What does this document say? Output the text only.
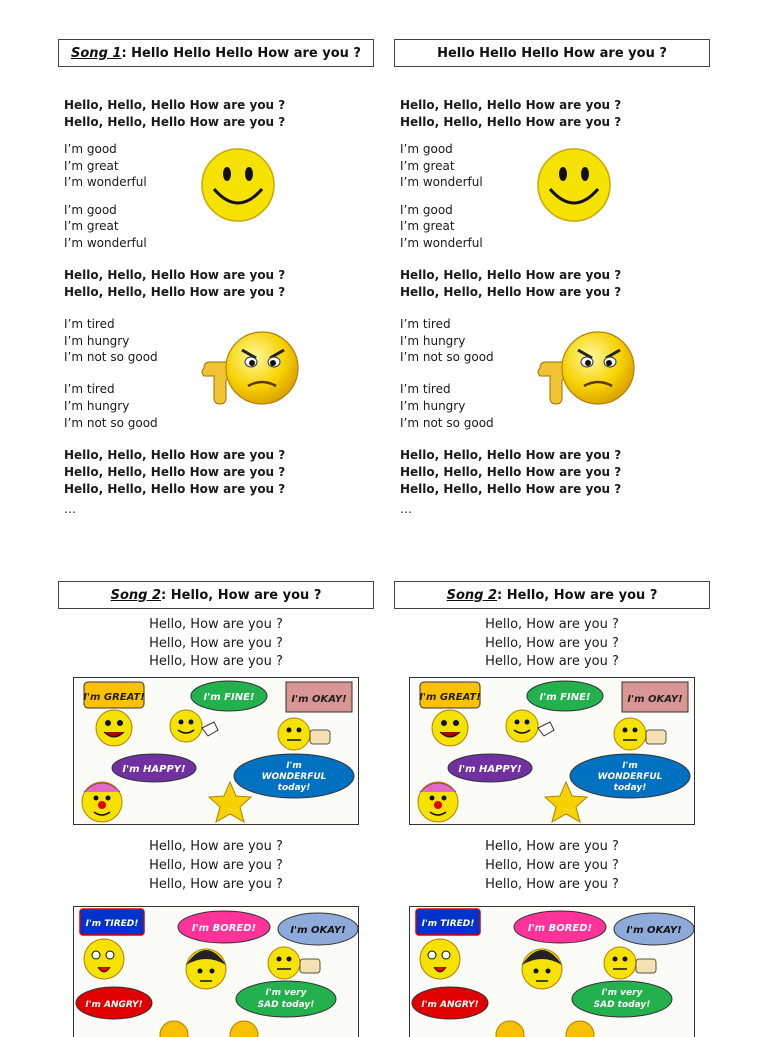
Song 1 : Hello Hello Hello How are you ?
Hello, Hello, Hello How are you ?
Hello, Hello, Hello How are you ?
I’m good
I’m great
I’m wonderful
I’m good
I’m great
I’m wonderful
Hello, Hello, Hello How are you ?
Hello, Hello, Hello How are you ?
I’m tired
I’m hungry
I’m not so good
I’m tired
I’m hungry
I’m not so good
Hello, Hello, Hello How are you ?
Hello, Hello, Hello How are you ?
Hello, Hello, Hello How are you ?
…
Song 2 : Hello, How are you ?
Hello, How are you ?
Hello, How are you ?
Hello, How are you ?
I'm GREAT!	I'm FINE!	I'm OKAY!
I'm HAPPY!	I'm
WONDERFUL
today!
Hello, How are you ?
Hello, How are you ?
Hello, How are you ?
I'm TIRED!	I'm BORED!	I'm OKAY!
I'm ANGRY!
I'm very
SAD today!
Hello Hello Hello How are you ?
Hello, Hello, Hello How are you ?
Hello, Hello, Hello How are you ?
I’m good
I’m great
I’m wonderful
I’m good
I’m great
I’m wonderful
Hello, Hello, Hello How are you ?
Hello, Hello, Hello How are you ?
I’m tired
I’m hungry
I’m not so good
I’m tired
I’m hungry
I’m not so good
Hello, Hello, Hello How are you ?
Hello, Hello, Hello How are you ?
Hello, Hello, Hello How are you ?
…
Song 2 : Hello, How are you ?
Hello, How are you ?
Hello, How are you ?
Hello, How are you ?
I'm GREAT!	I'm FINE!	I'm OKAY!
I'm HAPPY!	I'm
WONDERFUL
today!
Hello, How are you ?
Hello, How are you ?
Hello, How are you ?
I'm TIRED!	I'm BORED!	I'm OKAY!
I'm ANGRY!
I'm very
SAD today!
